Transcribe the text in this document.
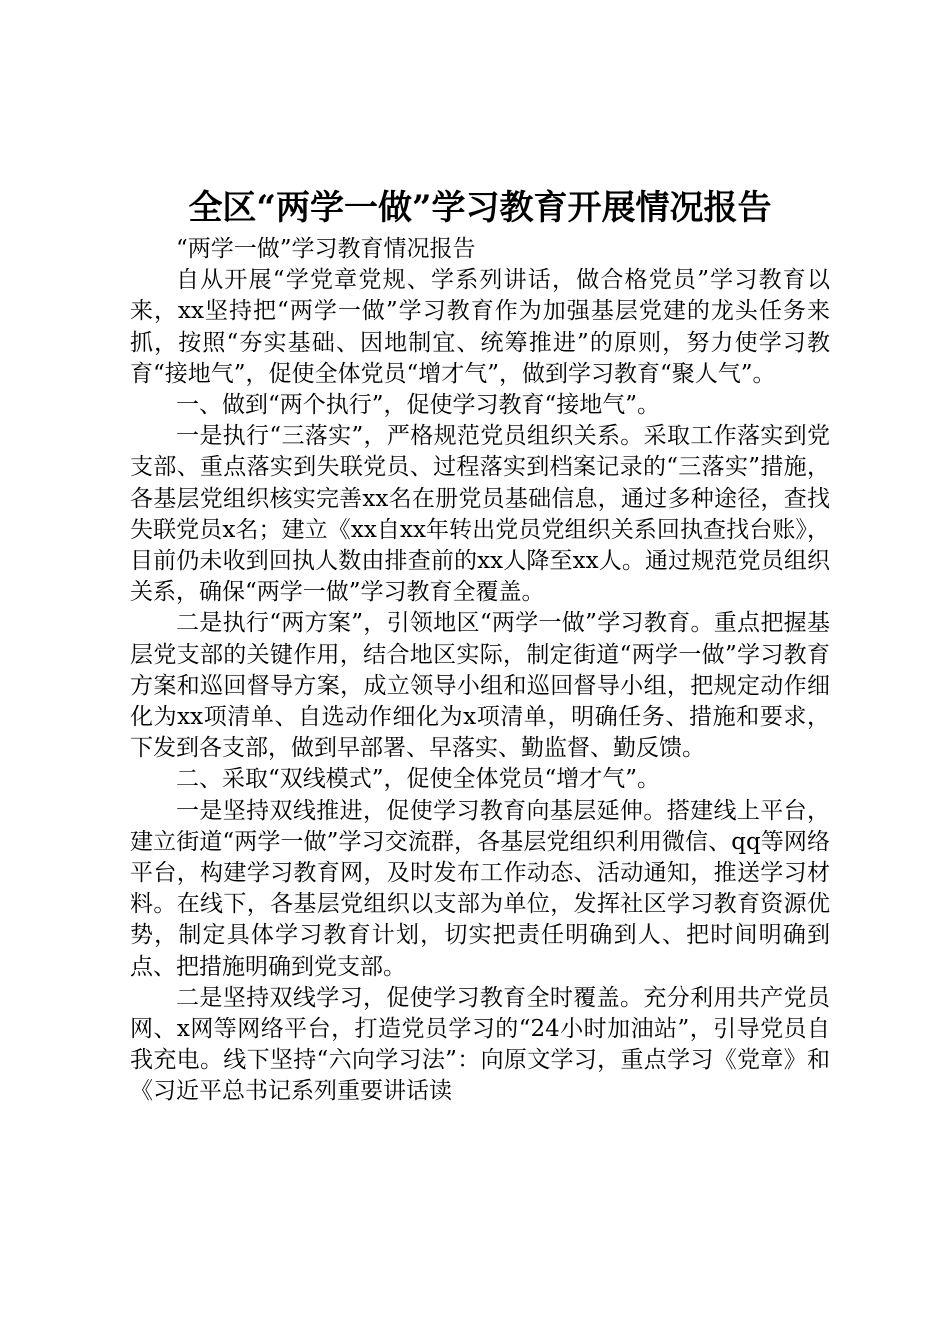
全区“两学一做”学习教育开展情况报告

“两学一做”学习教育情况报告

自从开展“学党章党规、学系列讲话，做合格党员”学习教育以来，xx坚持把“两学一做”学习教育作为加强基层党建的龙头任务来抓，按照“夯实基础、因地制宜、统筹推进”的原则，努力使学习教育“接地气”，促使全体党员“增才气”，做到学习教育“聚人气”。

一、做到“两个执行”，促使学习教育“接地气”。

一是执行“三落实”，严格规范党员组织关系。采取工作落实到党支部、重点落实到失联党员、过程落实到档案记录的“三落实”措施，各基层党组织核实完善xx名在册党员基础信息，通过多种途径，查找失联党员x名；建立《xx自xx年转出党员党组织关系回执查找台账》，目前仍未收到回执人数由排查前的xx人降至xx人。通过规范党员组织关系，确保“两学一做”学习教育全覆盖。

二是执行“两方案”，引领地区“两学一做”学习教育。重点把握基层党支部的关键作用，结合地区实际，制定街道“两学一做”学习教育方案和巡回督导方案，成立领导小组和巡回督导小组，把规定动作细化为xx项清单、自选动作细化为x项清单，明确任务、措施和要求，下发到各支部，做到早部署、早落实、勤监督、勤反馈。

二、采取“双线模式”，促使全体党员“增才气”。

一是坚持双线推进，促使学习教育向基层延伸。搭建线上平台，建立街道“两学一做”学习交流群，各基层党组织利用微信、qq等网络平台，构建学习教育网，及时发布工作动态、活动通知，推送学习材料。在线下，各基层党组织以支部为单位，发挥社区学习教育资源优势，制定具体学习教育计划，切实把责任明确到人、把时间明确到点、把措施明确到党支部。

二是坚持双线学习，促使学习教育全时覆盖。充分利用共产党员网、x网等网络平台，打造党员学习的“24小时加油站”，引导党员自我充电。线下坚持“六向学习法”：向原文学习，重点学习《党章》和《习近平总书记系列重要讲话读
